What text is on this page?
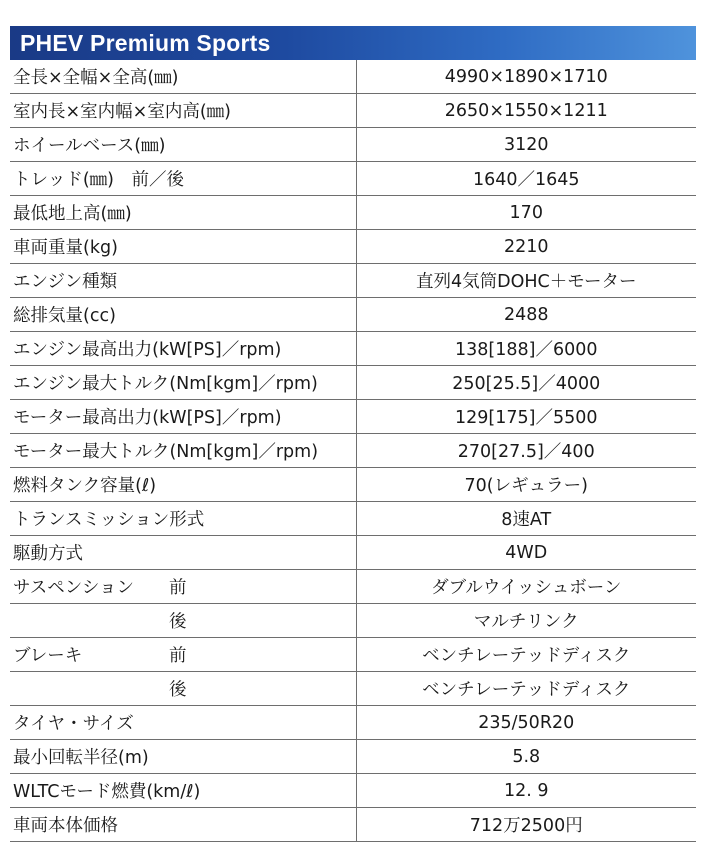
PHEV Premium Sports
全長×全幅×全高(㎜)	4990×1890×1710
室内長×室内幅×室内高(㎜)	2650×1550×1211
ホイールベース(㎜)	3120
トレッド(㎜)　前／後	1640／1645
最低地上高(㎜)	170
車両重量(kg)	2210
エンジン種類	直列4気筒DOHC＋モーター
総排気量(cc)	2488
エンジン最高出力(kW[PS]／rpm)	138[188]／6000
エンジン最大トルク(Nm[kgm]／rpm)	250[25.5]／4000
モーター最高出力(kW[PS]／rpm)	129[175]／5500
モーター最大トルク(Nm[kgm]／rpm)	270[27.5]／400
燃料タンク容量(ℓ)	70(レギュラー)
トランスミッション形式	8速AT
駆動方式	4WD
サスペンション 前	ダブルウイッシュボーン
後	マルチリンク
ブレーキ 前	ベンチレーテッドディスク
後	ベンチレーテッドディスク
タイヤ・サイズ	235/50R20
最小回転半径(m)	5.8
WLTCモード燃費(km/ℓ)	12. 9
車両本体価格	712万2500円
